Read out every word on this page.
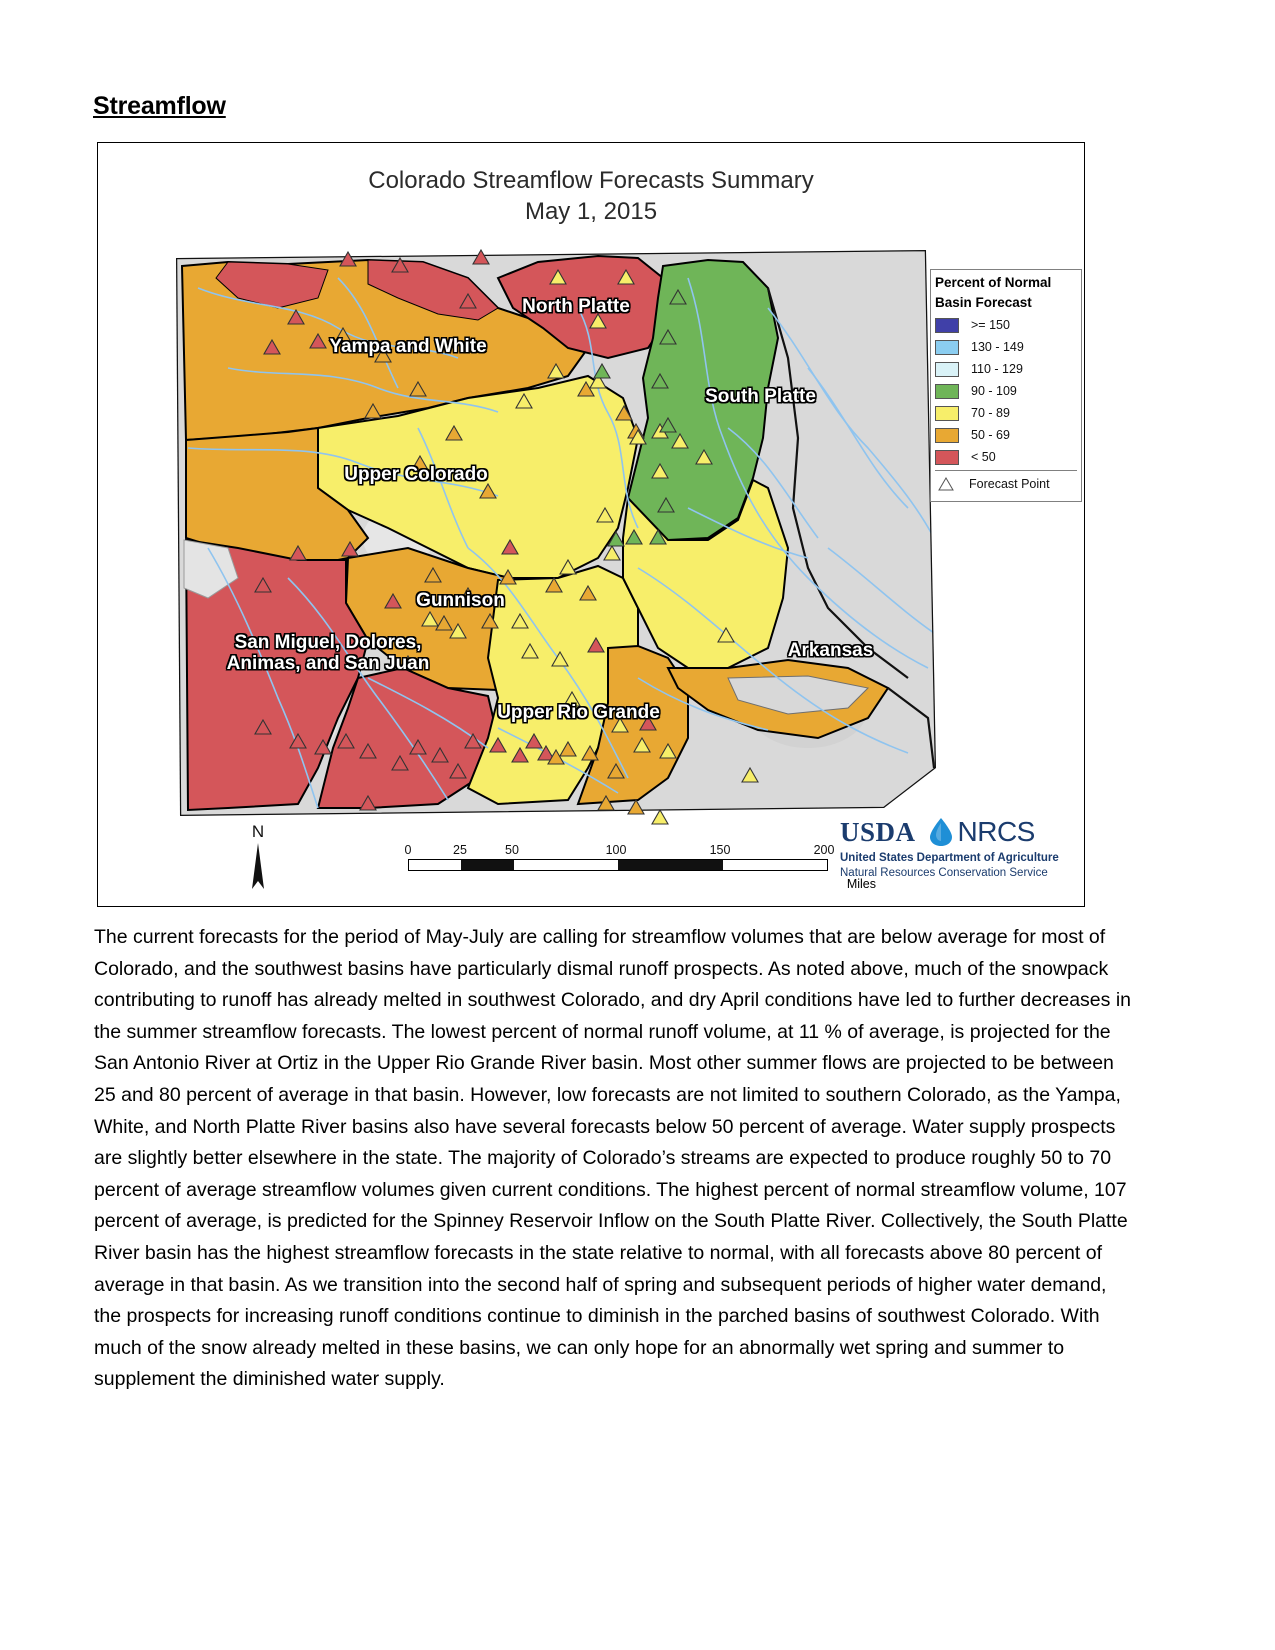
Streamflow
Colorado Streamflow Forecasts Summary
May 1, 2015
North Platte
Yampa and White
South Platte
Upper Colorado
Gunnison
San Miguel, Dolores,
Animas, and San Juan
Arkansas
Upper Rio Grande
Percent of Normal
Basin Forecast
>= 150
130 - 149
110 - 129
90 - 109
70 - 89
50 - 69
< 50
Forecast Point
N
0	25	50	100	150	200
Miles
USDA NRCS
United States Department of Agriculture
Natural Resources Conservation Service
The current forecasts for the period of May-July are calling for streamflow volumes that are below average for most of Colorado, and the southwest basins have particularly dismal runoff prospects. As noted above, much of the snowpack contributing to runoff has already melted in southwest Colorado, and dry April conditions have led to further decreases in the summer streamflow forecasts. The lowest percent of normal runoff volume, at 11 % of average, is projected for the San Antonio River at Ortiz in the Upper Rio Grande River basin. Most other summer flows are projected to be between 25 and 80 percent of average in that basin. However, low forecasts are not limited to southern Colorado, as the Yampa, White, and North Platte River basins also have several forecasts below 50 percent of average. Water supply prospects are slightly better elsewhere in the state. The majority of Colorado’s streams are expected to produce roughly 50 to 70 percent of average streamflow volumes given current conditions. The highest percent of normal streamflow volume, 107 percent of average, is predicted for the Spinney Reservoir Inflow on the South Platte River. Collectively, the South Platte River basin has the highest streamflow forecasts in the state relative to normal, with all forecasts above 80 percent of average in that basin. As we transition into the second half of spring and subsequent periods of higher water demand, the prospects for increasing runoff conditions continue to diminish in the parched basins of southwest Colorado. With much of the snow already melted in these basins, we can only hope for an abnormally wet spring and summer to supplement the diminished water supply.
